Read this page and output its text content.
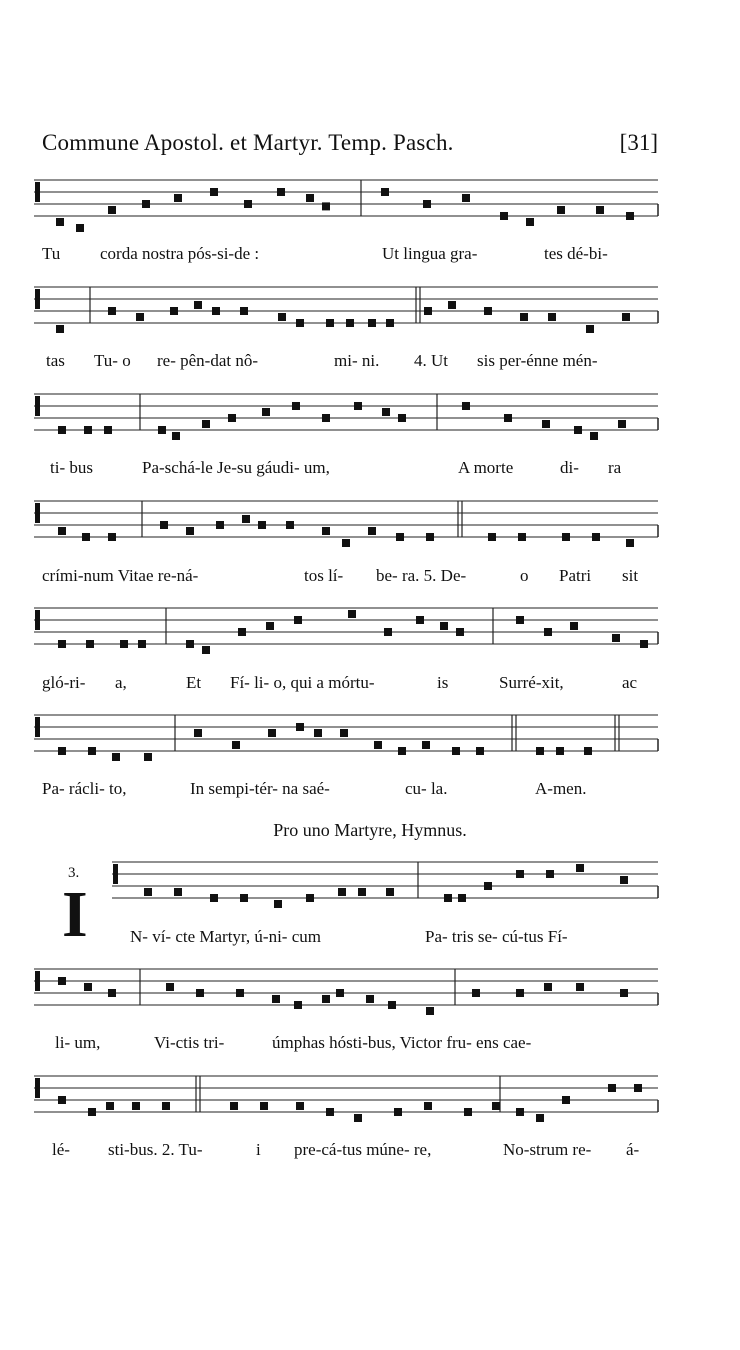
Commune Apostol. et Martyr. Temp. Pasch.	[31]
Tu corda nostra pós-si-de :	Ut lingua gra-	tes dé-bi-
tas Tu- o re- pên-dat nô-	mi- ni. 4. Ut sis per-énne mén-
ti- bus	Pa-schá-le Je-su gáudi- um,	A morte	di- ra
crími-num Vitae re-ná-	tos lí- be- ra. 5. De-	o Patri sit
gló-ri- a,	Et Fí- li- o, qui a mórtu-	is	Surré-xit,	ac
Pa- rácli- to,	In sempi-tér- na saé-	cu- la.	A-men.
Pro uno Martyre, Hymnus.
3.
I N- ví- cte Martyr, ú-ni- cum	Pa- tris se- cú-tus Fí-
li- um,	Vi-ctis tri-	úmphas hósti-bus, Victor fru- ens caе-
lé- sti-bus. 2. Tu-	i pre-cá-tus múne- re,	No-strum re- á-
